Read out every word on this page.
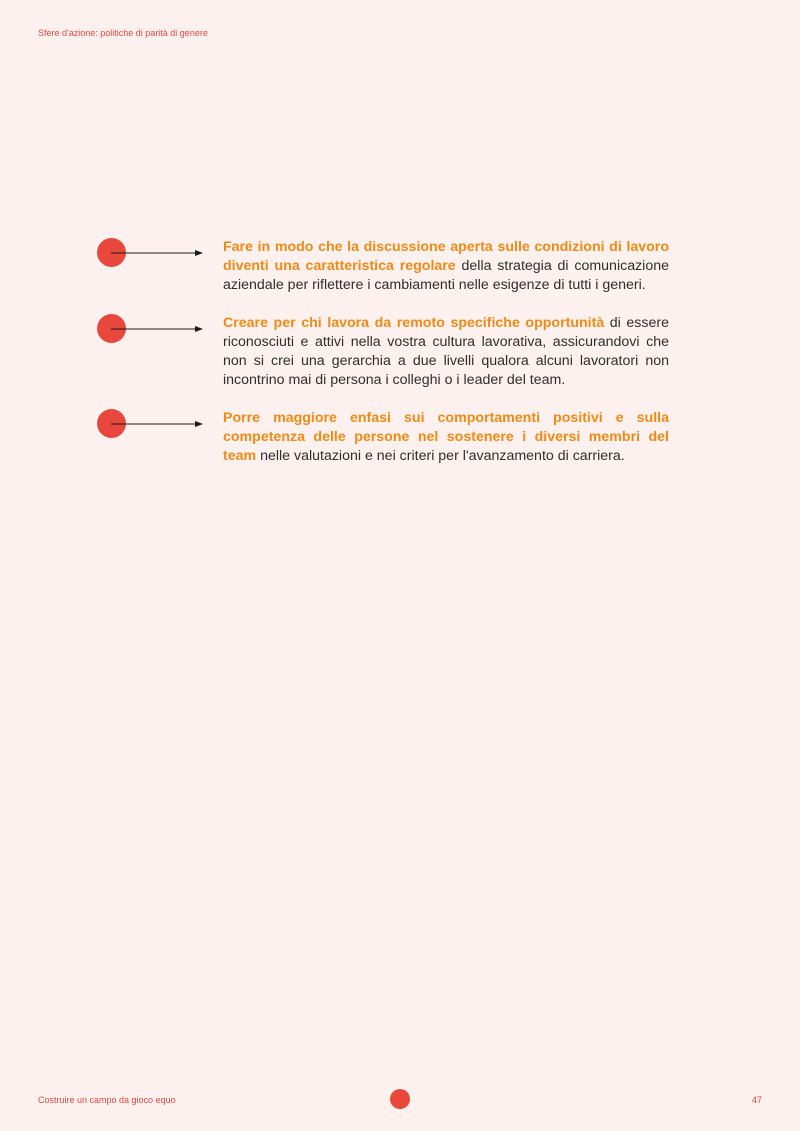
Sfere d'azione: politiche di parità di genere

Fare in modo che la discussione aperta sulle condizioni di lavoro diventi una caratteristica regolare della strategia di comunicazione aziendale per riflettere i cambiamenti nelle esigenze di tutti i generi.

Creare per chi lavora da remoto specifiche opportunità di essere riconosciuti e attivi nella vostra cultura lavorativa, assicurandovi che non si crei una gerarchia a due livelli qualora alcuni lavoratori non incontrino mai di persona i colleghi o i leader del team.

Porre maggiore enfasi sui comportamenti positivi e sulla competenza delle persone nel sostenere i diversi membri del team nelle valutazioni e nei criteri per l'avanzamento di carriera.

Costruire un campo da gioco equo	47
